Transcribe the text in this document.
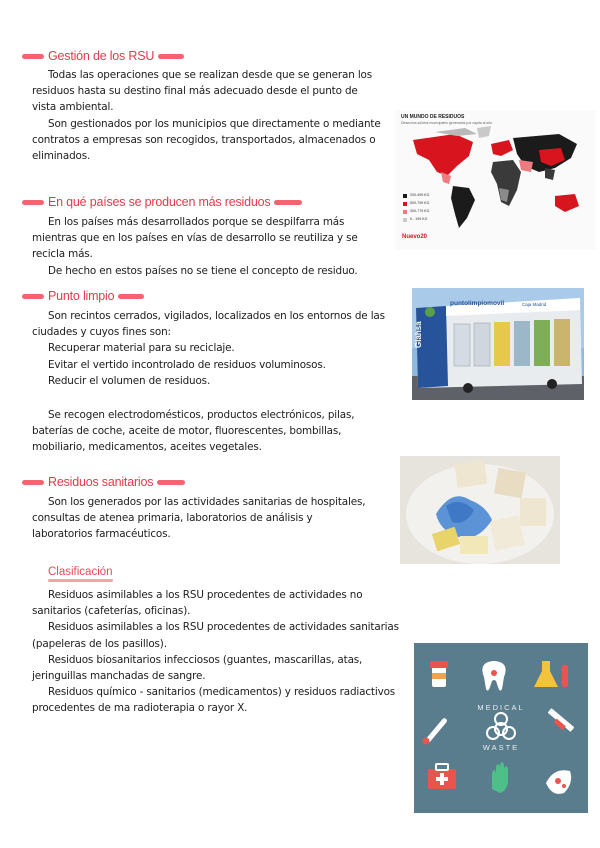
Gestión de los RSU

Todas las operaciones que se realizan desde que se generan los
residuos hasta su destino final más adecuado desde el punto de
vista ambiental.
Son gestionados por los municipios que directamente o mediante
contratos a empresas son recogidos, transportados, almacenados o
eliminados.

UN MUNDO DE RESIDUOS
Desechos sólidos municipales generados por capita al año
200-499 KG
500-799 KG
300-779 KG
0 - 199 KG
Nuevo20
En qué países se producen más residuos

En los países más desarrollados porque se despilfarra más
mientras que en los países en vías de desarrollo se reutiliza y se
recicla más.
De hecho en estos países no se tiene el concepto de residuo.

Punto limpio

Son recintos cerrados, vigilados, localizados en los entornos de las
ciudades y cuyos fines son:
Recuperar material para su reciclaje.
Evitar el vertido incontrolado de residuos voluminosos.
Reducir el volumen de residuos.

Se recogen electrodomésticos, productos electrónicos, pilas,
baterías de coche, aceite de motor, fluorescentes, bombillas,
mobiliario, medicamentos, aceites vegetales.

puntolimpiomovil	Caja Madrid
Giahsa
Residuos sanitarios

Son los generados por las actividades sanitarias de hospitales,
consultas de atenea primaria, laboratorios de análisis y
laboratorios farmacéuticos.

Clasificación

Residuos asimilables a los RSU procedentes de actividades no
sanitarios (cafeterías, oficinas).
Residuos asimilables a los RSU procedentes de actividades sanitarias
(papeleras de los pasillos).
Residuos biosanitarios infecciosos (guantes, mascarillas, atas,
jeringuillas manchadas de sangre.
Residuos químico - sanitarios (medicamentos) y residuos radiactivos
procedentes de ma radioterapia o rayor X.	MEDICAL
WASTE
